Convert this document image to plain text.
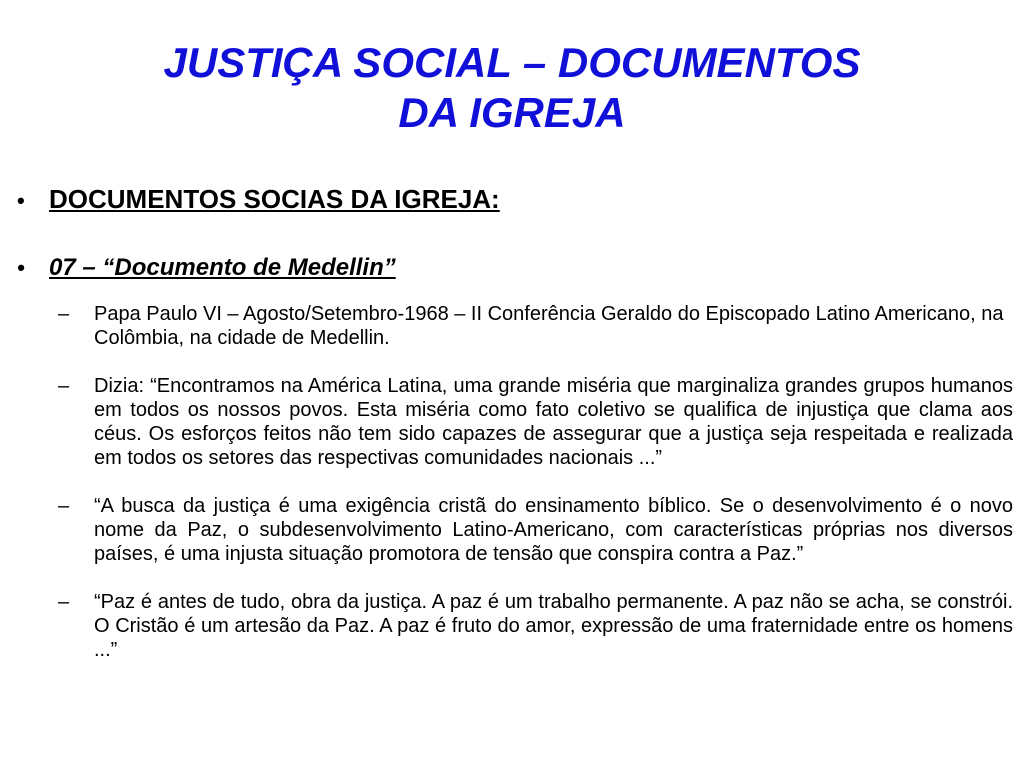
JUSTIÇA SOCIAL – DOCUMENTOS
DA IGREJA
• DOCUMENTOS SOCIAS DA IGREJA:
•	07 – “Documento de Medellin”
–	Papa Paulo VI – Agosto/Setembro-1968 – II Conferência Geraldo do Episcopado Latino Americano, na Colômbia, na cidade de Medellin.
–	Dizia: “Encontramos na América Latina, uma grande miséria que marginaliza grandes grupos humanos em todos os nossos povos. Esta miséria como fato coletivo se qualifica de injustiça que clama aos céus. Os esforços feitos não tem sido capazes de assegurar que a justiça seja respeitada e realizada em todos os setores das respectivas comunidades nacionais ...”
–	“A busca da justiça é uma exigência cristã do ensinamento bíblico. Se o desenvolvimento é o novo nome da Paz, o subdesenvolvimento Latino-Americano, com características próprias nos diversos países, é uma injusta situação promotora de tensão que conspira contra a Paz.”
–	“Paz é antes de tudo, obra da justiça. A paz é um trabalho permanente. A paz não se acha, se constrói. O Cristão é um artesão da Paz. A paz é fruto do amor, expressão de uma fraternidade entre os homens ...”
